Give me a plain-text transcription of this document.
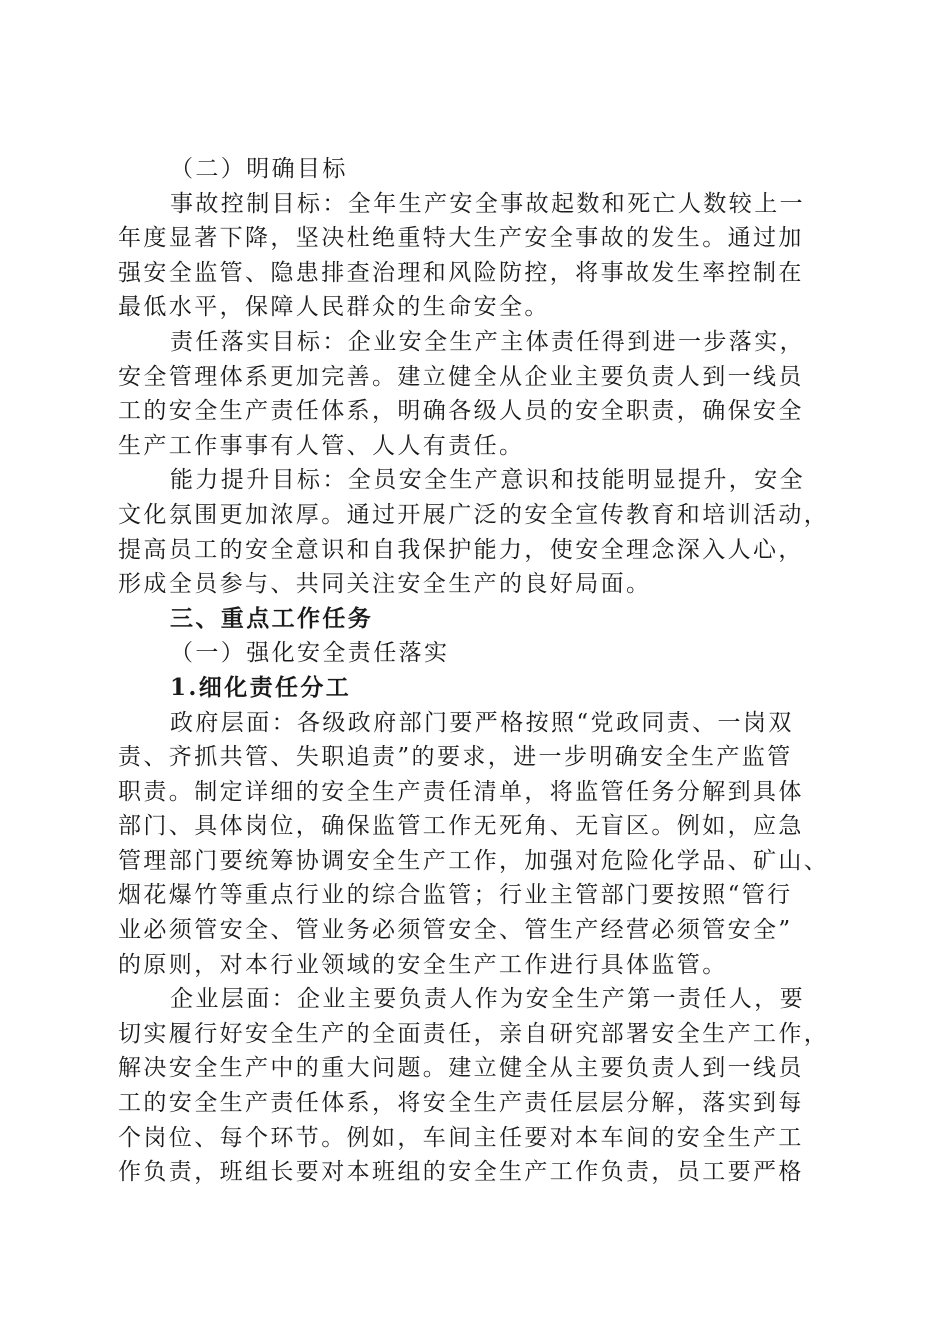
（二）明确目标
事故控制目标：全年生产安全事故起数和死亡人数较上一
年度显著下降，坚决杜绝重特大生产安全事故的发生。通过加
强安全监管、隐患排查治理和风险防控，将事故发生率控制在
最低水平，保障人民群众的生命安全。
责任落实目标：企业安全生产主体责任得到进一步落实，
安全管理体系更加完善。建立健全从企业主要负责人到一线员
工的安全生产责任体系，明确各级人员的安全职责，确保安全
生产工作事事有人管、人人有责任。
能力提升目标：全员安全生产意识和技能明显提升，安全
文化氛围更加浓厚。通过开展广泛的安全宣传教育和培训活动，
提高员工的安全意识和自我保护能力，使安全理念深入人心，
形成全员参与、共同关注安全生产的良好局面。
三、重点工作任务
（一）强化安全责任落实
1.细化责任分工
政府层面：各级政府部门要严格按照“党政同责、一岗双
责、齐抓共管、失职追责”的要求，进一步明确安全生产监管
职责。制定详细的安全生产责任清单，将监管任务分解到具体
部门、具体岗位，确保监管工作无死角、无盲区。例如，应急
管理部门要统筹协调安全生产工作，加强对危险化学品、矿山、
烟花爆竹等重点行业的综合监管；行业主管部门要按照“管行
业必须管安全、管业务必须管安全、管生产经营必须管安全”
的原则，对本行业领域的安全生产工作进行具体监管。
企业层面：企业主要负责人作为安全生产第一责任人，要
切实履行好安全生产的全面责任，亲自研究部署安全生产工作，
解决安全生产中的重大问题。建立健全从主要负责人到一线员
工的安全生产责任体系，将安全生产责任层层分解，落实到每
个岗位、每个环节。例如，车间主任要对本车间的安全生产工
作负责，班组长要对本班组的安全生产工作负责，员工要严格
